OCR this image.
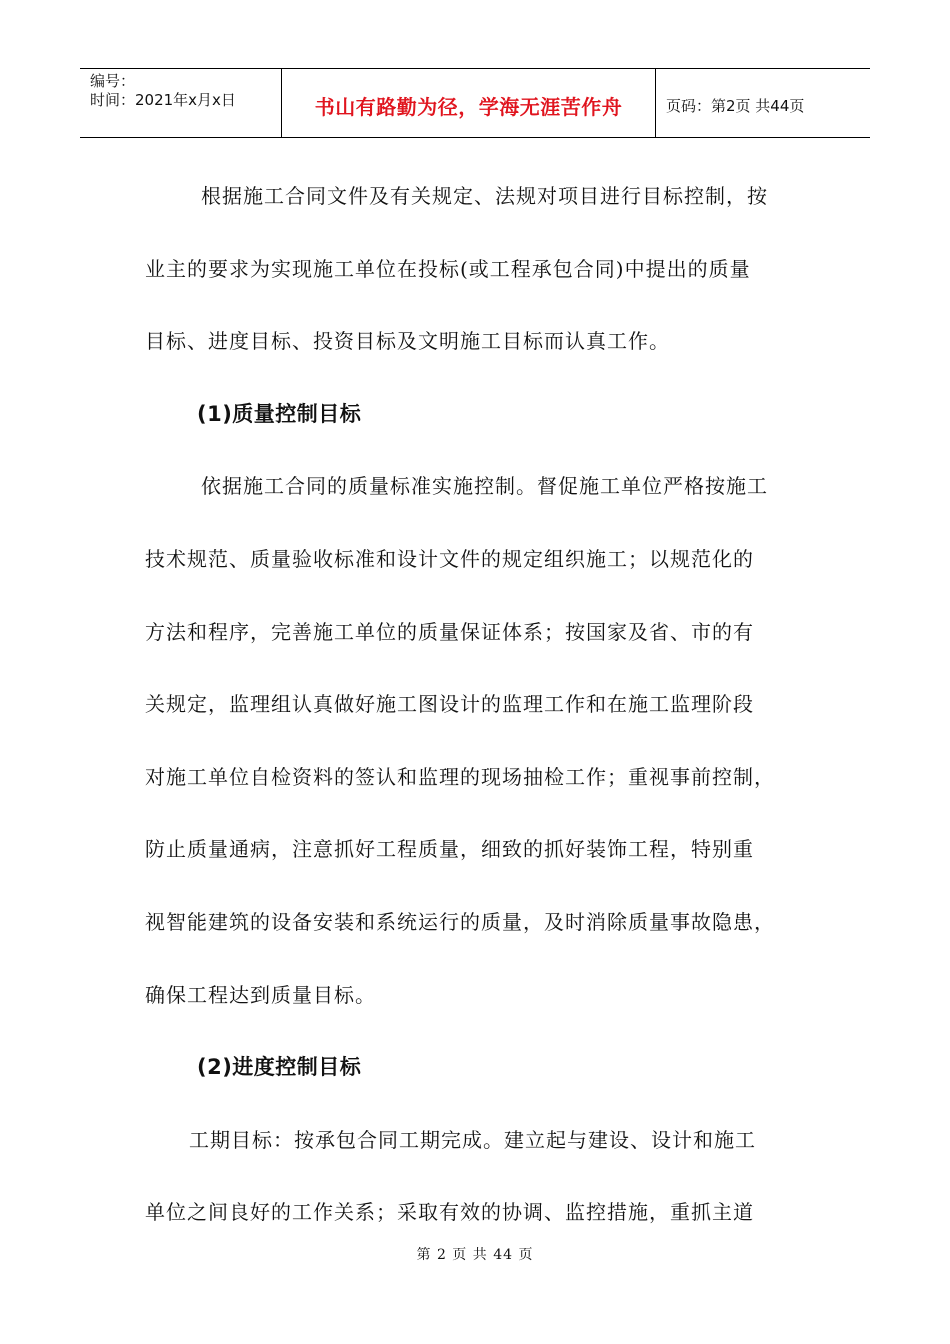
编号：
时间：2021年x月x日	书山有路勤为径，学海无涯苦作舟	页码：第2页 共44页

根据施工合同文件及有关规定、法规对项目进行目标控制，按
业主的要求为实现施工单位在投标(或工程承包合同)中提出的质量
目标、进度目标、投资目标及文明施工目标而认真工作。

(1)质量控制目标

依据施工合同的质量标准实施控制。督促施工单位严格按施工
技术规范、质量验收标准和设计文件的规定组织施工；以规范化的
方法和程序，完善施工单位的质量保证体系；按国家及省、市的有
关规定，监理组认真做好施工图设计的监理工作和在施工监理阶段
对施工单位自检资料的签认和监理的现场抽检工作；重视事前控制，
防止质量通病，注意抓好工程质量，细致的抓好装饰工程，特别重
视智能建筑的设备安装和系统运行的质量，及时消除质量事故隐患，
确保工程达到质量目标。

(2)进度控制目标

工期目标：按承包合同工期完成。建立起与建设、设计和施工
单位之间良好的工作关系；采取有效的协调、监控措施，重抓主道

第 2 页 共 44 页
